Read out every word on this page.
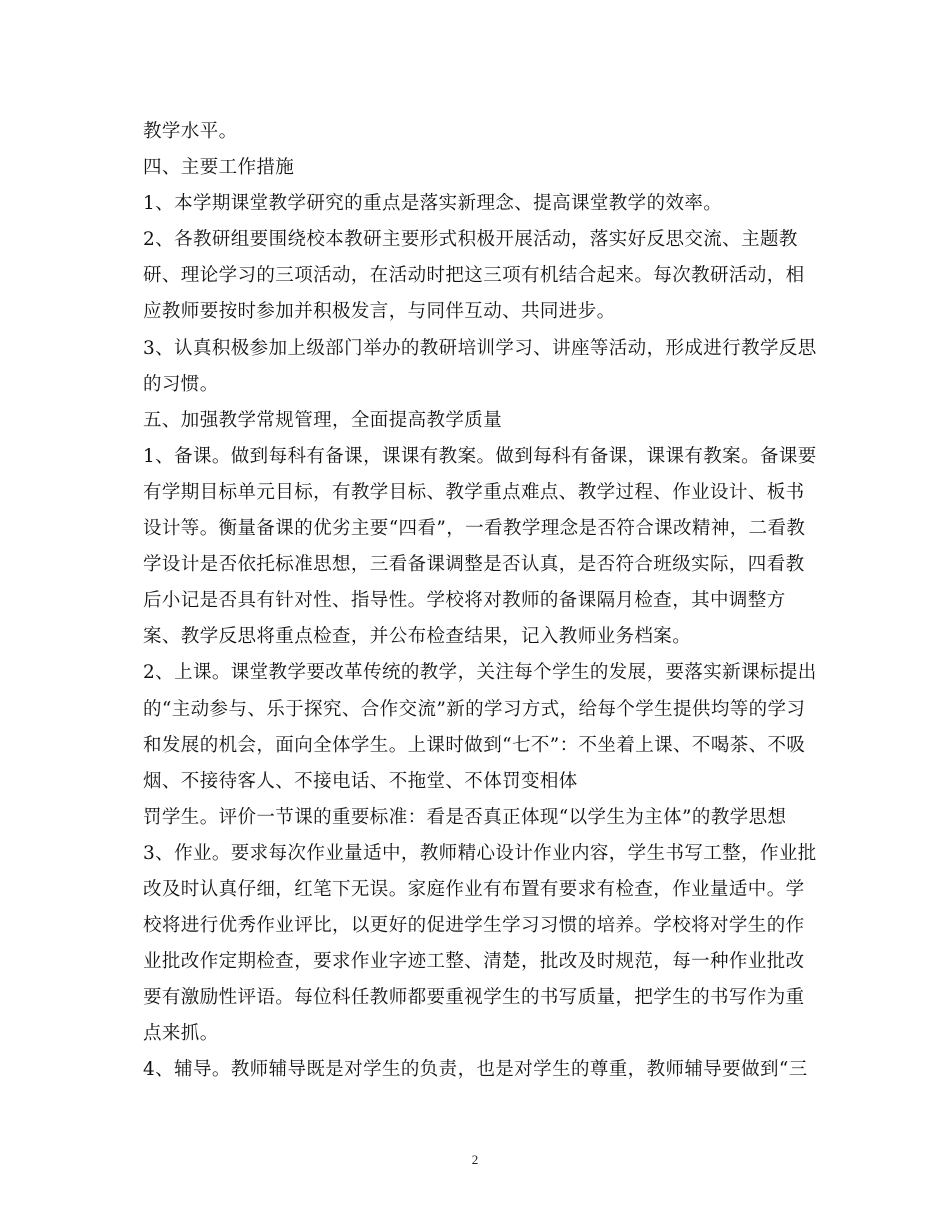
教学水平。
四、主要工作措施
1、本学期课堂教学研究的重点是落实新理念、提高课堂教学的效率。
2、各教研组要围绕校本教研主要形式积极开展活动，落实好反思交流、主题教
研、理论学习的三项活动，在活动时把这三项有机结合起来。每次教研活动，相
应教师要按时参加并积极发言，与同伴互动、共同进步。
3、认真积极参加上级部门举办的教研培训学习、讲座等活动，形成进行教学反思
的习惯。
五、加强教学常规管理，全面提高教学质量
1、备课。做到每科有备课，课课有教案。做到每科有备课，课课有教案。备课要
有学期目标单元目标，有教学目标、教学重点难点、教学过程、作业设计、板书
设计等。衡量备课的优劣主要“四看”，一看教学理念是否符合课改精神，二看教
学设计是否依托标准思想，三看备课调整是否认真，是否符合班级实际，四看教
后小记是否具有针对性、指导性。学校将对教师的备课隔月检查，其中调整方
案、教学反思将重点检查，并公布检查结果，记入教师业务档案。
2、上课。课堂教学要改革传统的教学，关注每个学生的发展，要落实新课标提出
的“主动参与、乐于探究、合作交流”新的学习方式，给每个学生提供均等的学习
和发展的机会，面向全体学生。上课时做到“七不”：不坐着上课、不喝茶、不吸
烟、不接待客人、不接电话、不拖堂、不体罚变相体
罚学生。评价一节课的重要标准：看是否真正体现“以学生为主体”的教学思想
3、作业。要求每次作业量适中，教师精心设计作业内容，学生书写工整，作业批
改及时认真仔细，红笔下无误。家庭作业有布置有要求有检查，作业量适中。学
校将进行优秀作业评比，以更好的促进学生学习习惯的培养。学校将对学生的作
业批改作定期检查，要求作业字迹工整、清楚，批改及时规范，每一种作业批改
要有激励性评语。每位科任教师都要重视学生的书写质量，把学生的书写作为重
点来抓。
4、辅导。教师辅导既是对学生的负责，也是对学生的尊重，教师辅导要做到“三
2
